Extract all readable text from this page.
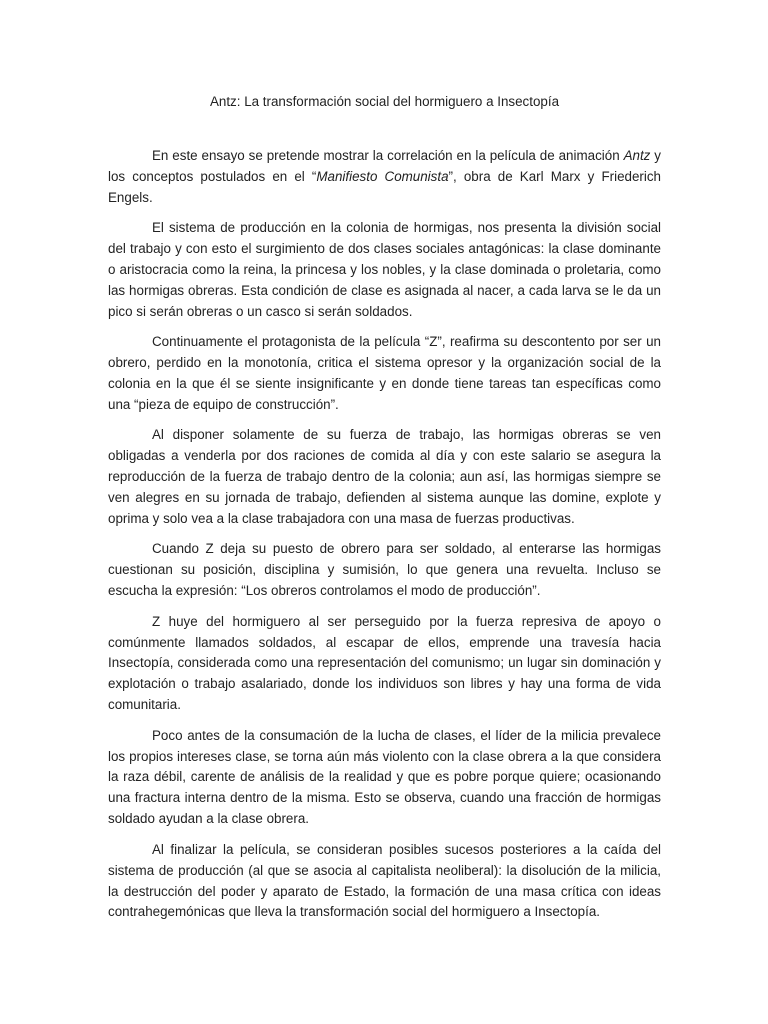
Antz: La transformación social del hormiguero a Insectopía

En este ensayo se pretende mostrar la correlación en la película de animación Antz y los conceptos postulados en el “Manifiesto Comunista”, obra de Karl Marx y Friederich Engels.

El sistema de producción en la colonia de hormigas, nos presenta la división social del trabajo y con esto el surgimiento de dos clases sociales antagónicas: la clase dominante o aristocracia como la reina, la princesa y los nobles, y la clase dominada o proletaria, como las hormigas obreras. Esta condición de clase es asignada al nacer, a cada larva se le da un pico si serán obreras o un casco si serán soldados.

Continuamente el protagonista de la película “Z”, reafirma su descontento por ser un obrero, perdido en la monotonía, critica el sistema opresor y la organización social de la colonia en la que él se siente insignificante y en donde tiene tareas tan específicas como una “pieza de equipo de construcción”.

Al disponer solamente de su fuerza de trabajo, las hormigas obreras se ven obligadas a venderla por dos raciones de comida al día y con este salario se asegura la reproducción de la fuerza de trabajo dentro de la colonia; aun así, las hormigas siempre se ven alegres en su jornada de trabajo, defienden al sistema aunque las domine, explote y oprima y solo vea a la clase trabajadora con una masa de fuerzas productivas.

Cuando Z deja su puesto de obrero para ser soldado, al enterarse las hormigas cuestionan su posición, disciplina y sumisión, lo que genera una revuelta. Incluso se escucha la expresión: “Los obreros controlamos el modo de producción”.

Z huye del hormiguero al ser perseguido por la fuerza represiva de apoyo o comúnmente llamados soldados, al escapar de ellos, emprende una travesía hacia Insectopía, considerada como una representación del comunismo; un lugar sin dominación y explotación o trabajo asalariado, donde los individuos son libres y hay una forma de vida comunitaria.

Poco antes de la consumación de la lucha de clases, el líder de la milicia prevalece los propios intereses clase, se torna aún más violento con la clase obrera a la que considera la raza débil, carente de análisis de la realidad y que es pobre porque quiere; ocasionando una fractura interna dentro de la misma. Esto se observa, cuando una fracción de hormigas soldado ayudan a la clase obrera.

Al finalizar la película, se consideran posibles sucesos posteriores a la caída del sistema de producción (al que se asocia al capitalista neoliberal): la disolución de la milicia, la destrucción del poder y aparato de Estado, la formación de una masa crítica con ideas contrahegemónicas que lleva la transformación social del hormiguero a Insectopía.
